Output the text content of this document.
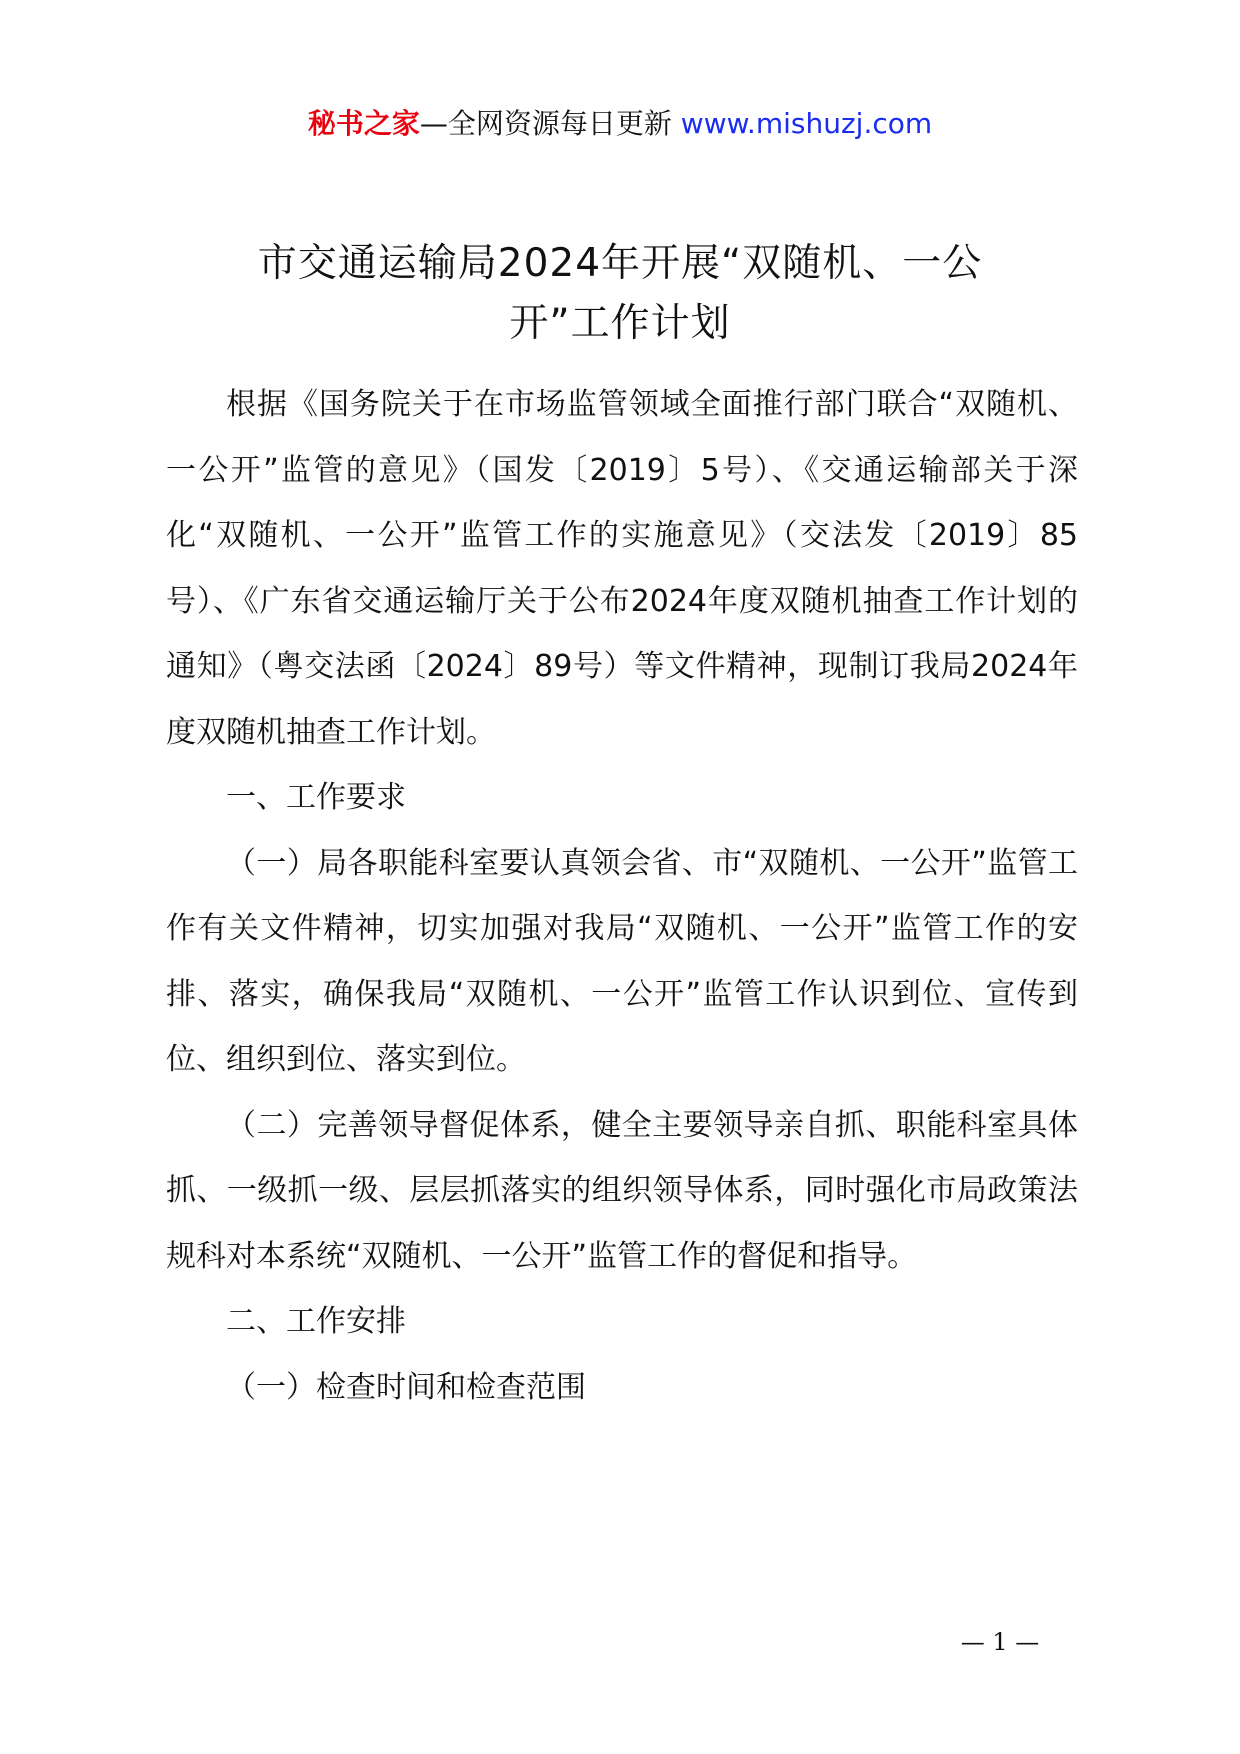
秘书之家—全网资源每日更新 www.mishuzj.com
市交通运输局2024年开展“双随机、一公
开”工作计划

根据《国务院关于在市场监管领域全面推行部门联合“双随机、一公开”监管的意见》（国发〔2019〕5号）、《交通运输部关于深化“双随机、一公开”监管工作的实施意见》（交法发〔2019〕85号）、《广东省交通运输厅关于公布2024年度双随机抽查工作计划的通知》（粤交法函〔2024〕89号）等文件精神，现制订我局2024年度双随机抽查工作计划。

一、工作要求

（一）局各职能科室要认真领会省、市“双随机、一公开”监管工作有关文件精神，切实加强对我局“双随机、一公开”监管工作的安排、落实，确保我局“双随机、一公开”监管工作认识到位、宣传到位、组织到位、落实到位。

（二）完善领导督促体系，健全主要领导亲自抓、职能科室具体抓、一级抓一级、层层抓落实的组织领导体系，同时强化市局政策法规科对本系统“双随机、一公开”监管工作的督促和指导。

二、工作安排

（一）检查时间和检查范围

— 1 —
